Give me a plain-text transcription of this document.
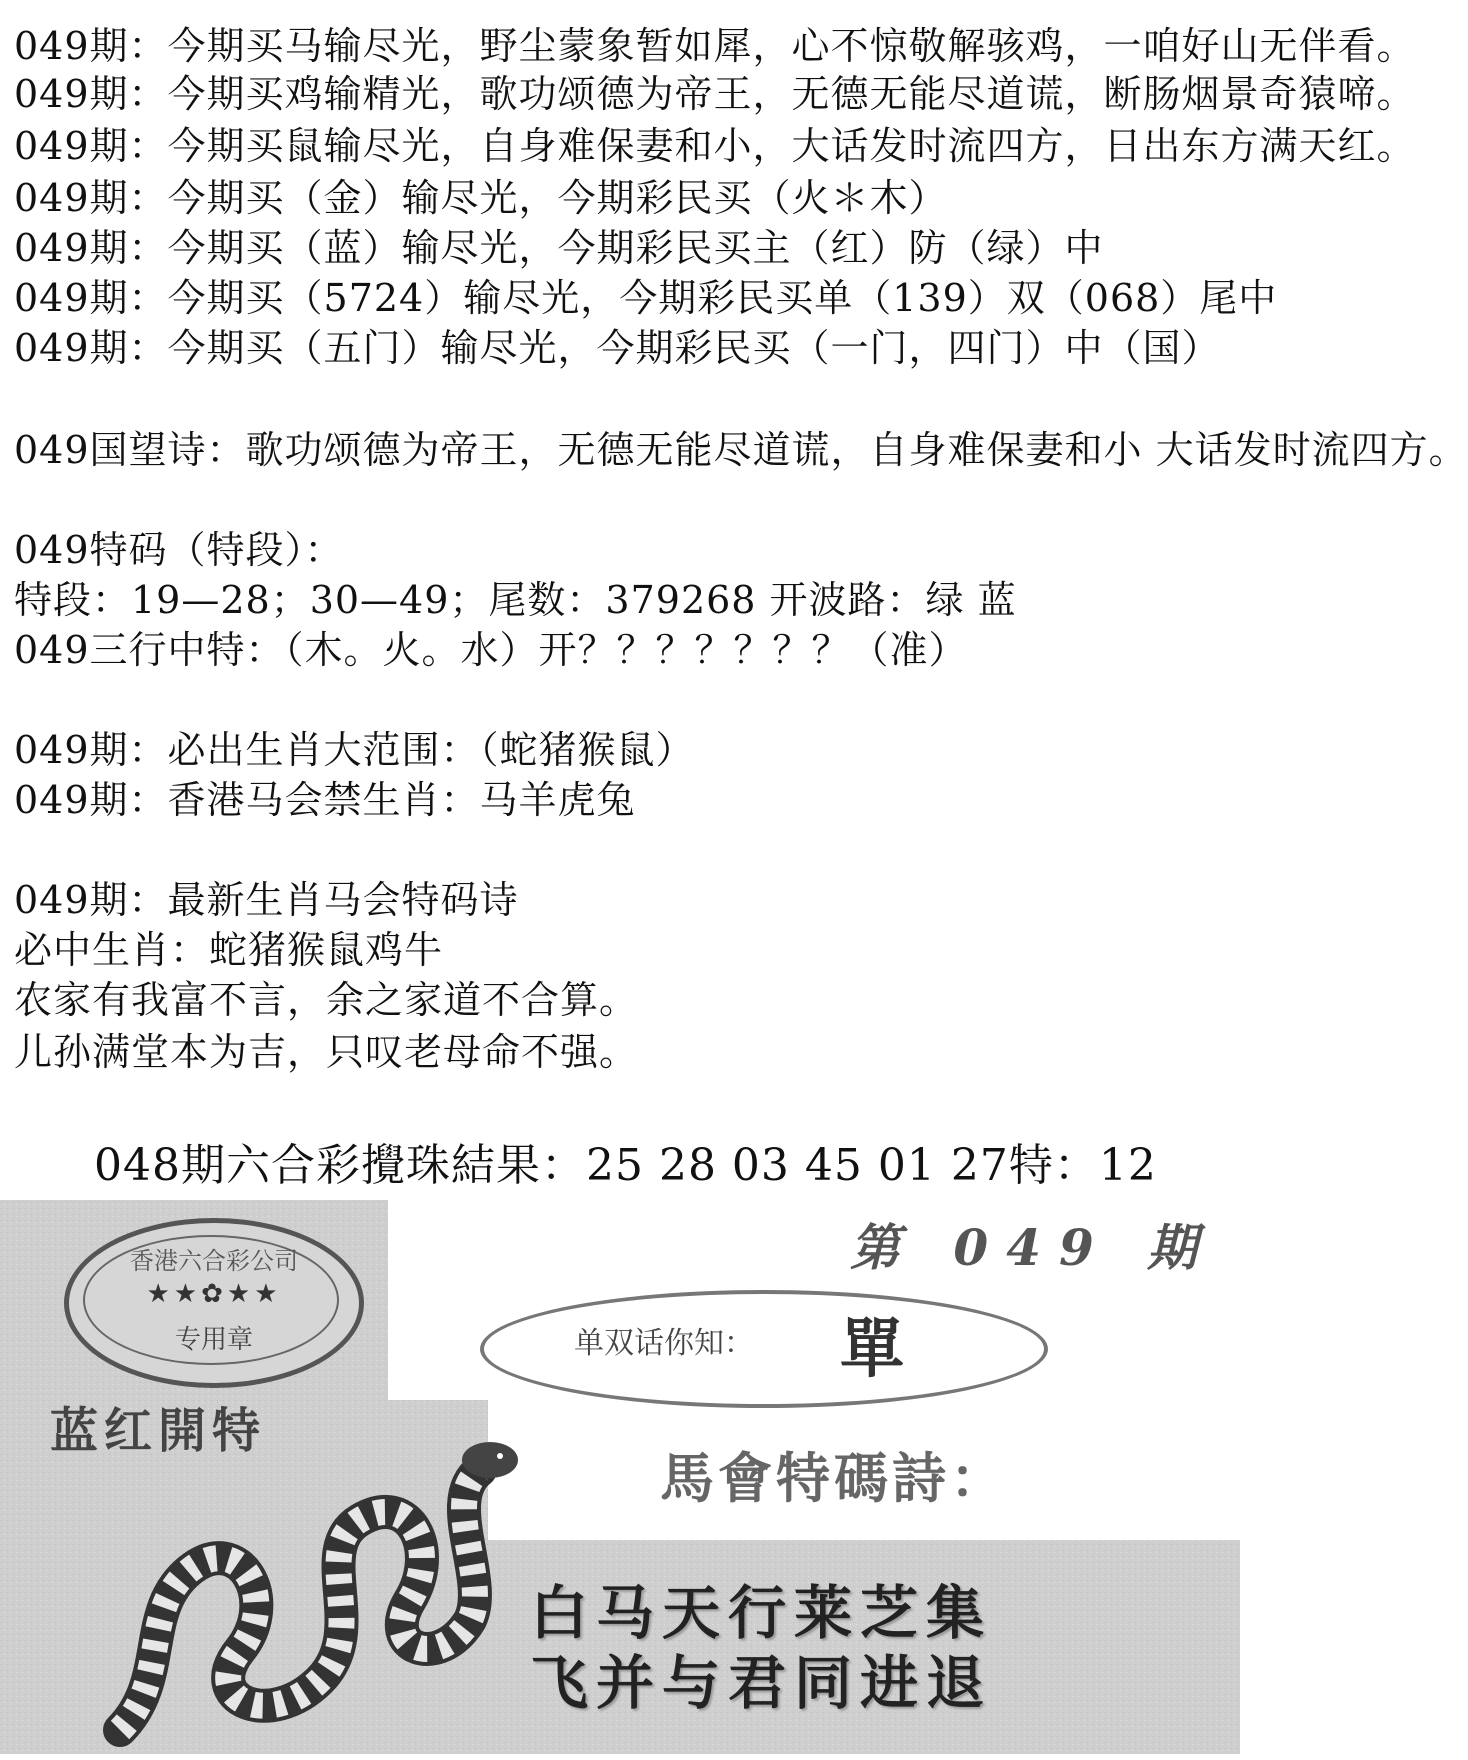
049期：今期买马输尽光，野尘蒙象暂如犀，心不惊敬解骇鸡，一咱好山无伴看。
049期：今期买鸡输精光，歌功颂德为帝王，无德无能尽道谎，断肠烟景奇猿啼。
049期：今期买鼠输尽光，自身难保妻和小，大话发时流四方，日出东方满天红。
049期：今期买（金）输尽光，今期彩民买（火＊木）
049期：今期买（蓝）输尽光，今期彩民买主（红）防（绿）中
049期：今期买（5724）输尽光，今期彩民买单（139）双（068）尾中
049期：今期买（五门）输尽光，今期彩民买（一门，四门）中（国）
049国望诗：歌功颂德为帝王，无德无能尽道谎，自身难保妻和小 大话发时流四方。
049特码（特段）：
特段：19—28；30—49；尾数：379268 开波路：绿 蓝
049三行中特：（木。火。水）开？？？？？？？（准）
049期：必出生肖大范围：（蛇猪猴鼠）
049期：香港马会禁生肖：马羊虎兔
049期：最新生肖马会特码诗
必中生肖：蛇猪猴鼠鸡牛
农家有我富不言，余之家道不合算。
儿孙满堂本为吉，只叹老母命不强。
048期六合彩攪珠結果：25 28 03 45 01 27特：12
第 049 期
单双话你知： 單
香港六合彩公司
★★✿★★
专用章
蓝红開特
馬會特碼詩：
白马天行莱芝集
飞并与君同进退
